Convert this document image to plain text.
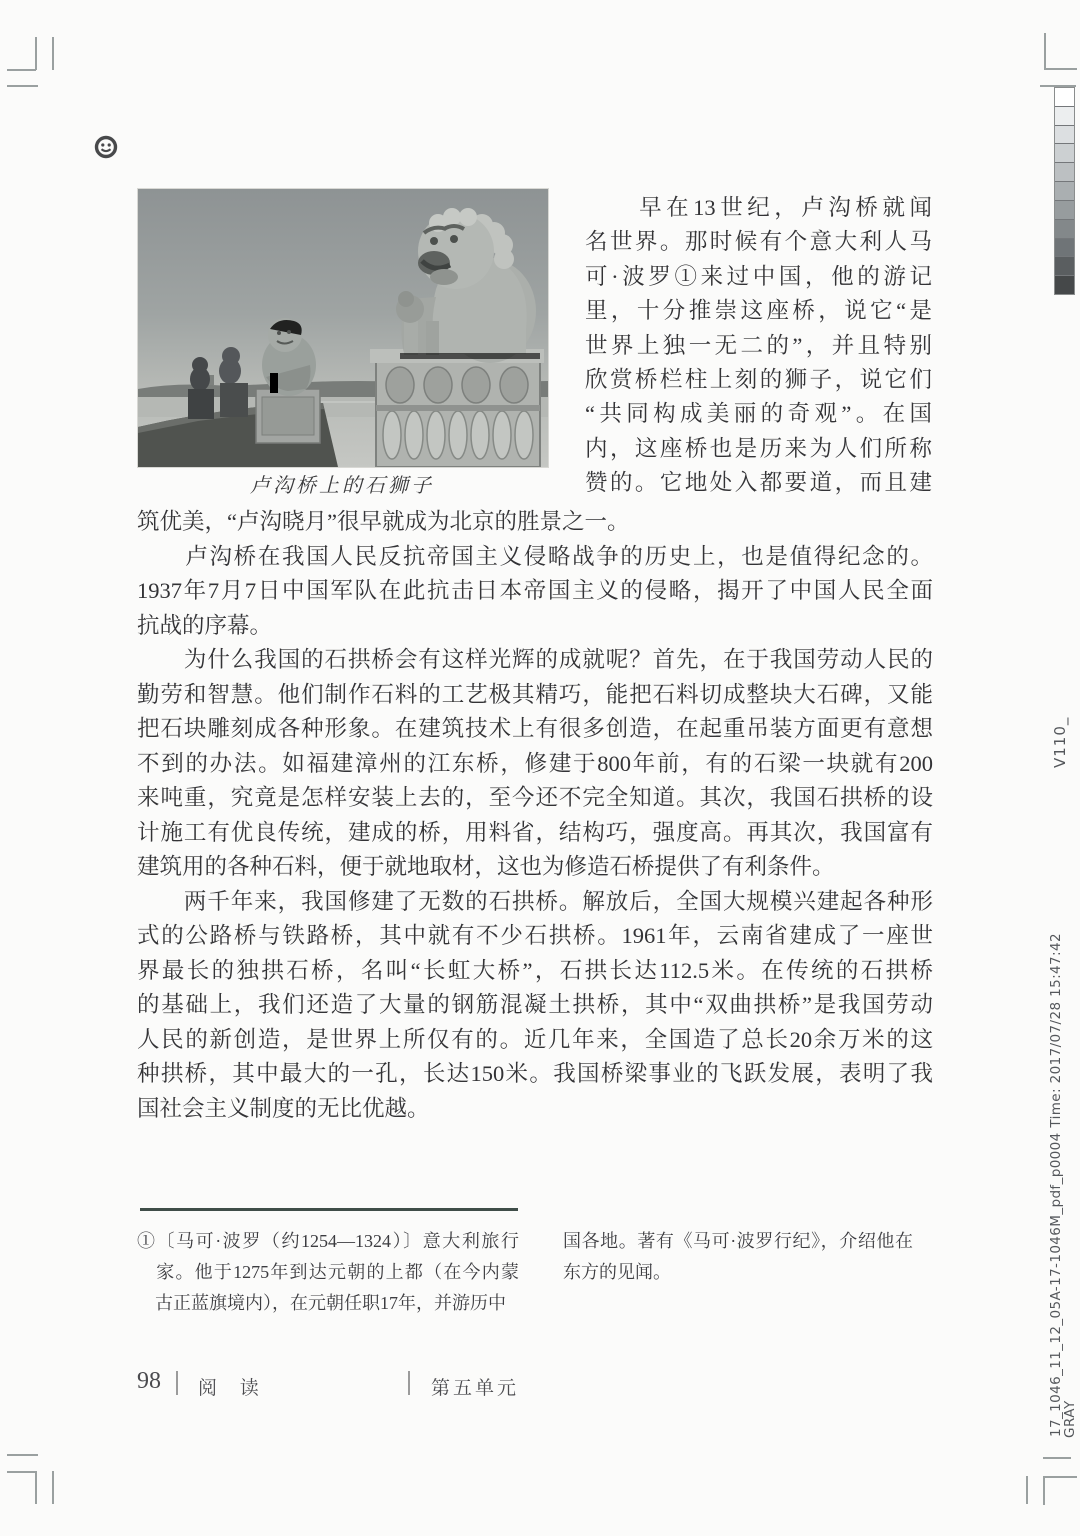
卢沟桥上的石狮子
　　早在13世纪，卢沟桥就闻
名世界。那时候有个意大利人马
可·波罗①来过中国，他的游记
里，十分推崇这座桥，说它“是
世界上独一无二的”，并且特别
欣赏桥栏柱上刻的狮子，说它们
“共同构成美丽的奇观”。在国
内，这座桥也是历来为人们所称
赞的。它地处入都要道，而且建
筑优美，“卢沟晓月”很早就成为北京的胜景之一。
　　卢沟桥在我国人民反抗帝国主义侵略战争的历史上，也是值得纪念的。
1937年7月7日中国军队在此抗击日本帝国主义的侵略，揭开了中国人民全面
抗战的序幕。
　　为什么我国的石拱桥会有这样光辉的成就呢？首先，在于我国劳动人民的
勤劳和智慧。他们制作石料的工艺极其精巧，能把石料切成整块大石碑，又能
把石块雕刻成各种形象。在建筑技术上有很多创造，在起重吊装方面更有意想
不到的办法。如福建漳州的江东桥，修建于800年前，有的石梁一块就有200
来吨重，究竟是怎样安装上去的，至今还不完全知道。其次，我国石拱桥的设
计施工有优良传统，建成的桥，用料省，结构巧，强度高。再其次，我国富有
建筑用的各种石料，便于就地取材，这也为修造石桥提供了有利条件。
　　两千年来，我国修建了无数的石拱桥。解放后，全国大规模兴建起各种形
式的公路桥与铁路桥，其中就有不少石拱桥。1961年，云南省建成了一座世
界最长的独拱石桥，名叫“长虹大桥”，石拱长达112.5米。在传统的石拱桥
的基础上，我们还造了大量的钢筋混凝土拱桥，其中“双曲拱桥”是我国劳动
人民的新创造，是世界上所仅有的。近几年来，全国造了总长20余万米的这
种拱桥，其中最大的一孔，长达150米。我国桥梁事业的飞跃发展，表明了我
国社会主义制度的无比优越。
①〔马可·波罗（约1254—1324）〕意大利旅行
　家。他于1275年到达元朝的上都（在今内蒙
　古正蓝旗境内），在元朝任职17年，并游历中
国各地。著有《马可·波罗行纪》，介绍他在
东方的见闻。
98 阅 读	第五单元
V110_
17_1046_11_12_05A-17-1046M_pdf_p0004 Time: 2017/07/28 15:47:42
GRAY
